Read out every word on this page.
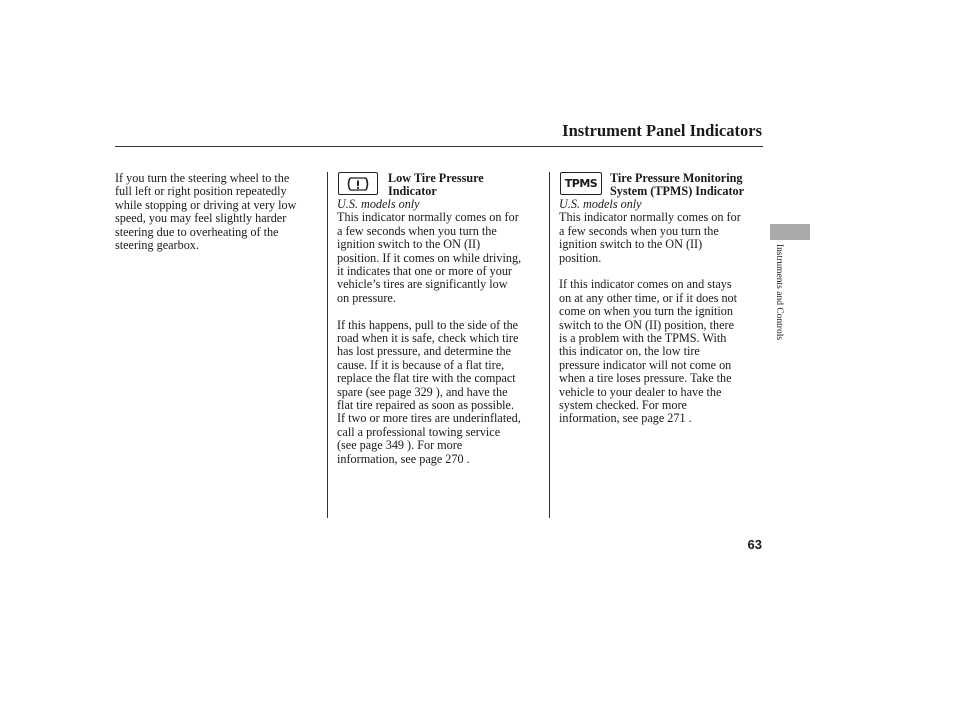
Instrument Panel Indicators

If you turn the steering wheel to the

full left or right position repeatedly

while stopping or driving at very low

speed, you may feel slightly harder

steering due to overheating of the

steering gearbox.

Low Tire Pressure
Indicator

U.S. models only

This indicator normally comes on for

a few seconds when you turn the

ignition switch to the ON (II)

position. If it comes on while driving,

it indicates that one or more of your

vehicle’s tires are significantly low

on pressure.

If this happens, pull to the side of the

road when it is safe, check which tire

has lost pressure, and determine the

cause. If it is because of a flat tire,

replace the flat tire with the compact

spare (see page 329 ), and have the

flat tire repaired as soon as possible.

If two or more tires are underinflated,

call a professional towing service

(see page 349 ). For more

information, see page 270 .

TPMS	Tire Pressure Monitoring
System (TPMS) Indicator

U.S. models only

This indicator normally comes on for

a few seconds when you turn the

ignition switch to the ON (II)

position.

If this indicator comes on and stays

on at any other time, or if it does not

come on when you turn the ignition

switch to the ON (II) position, there

is a problem with the TPMS. With

this indicator on, the low tire

pressure indicator will not come on

when a tire loses pressure. Take the

vehicle to your dealer to have the

system checked. For more

information, see page 271 .

Instruments and Controls
63
